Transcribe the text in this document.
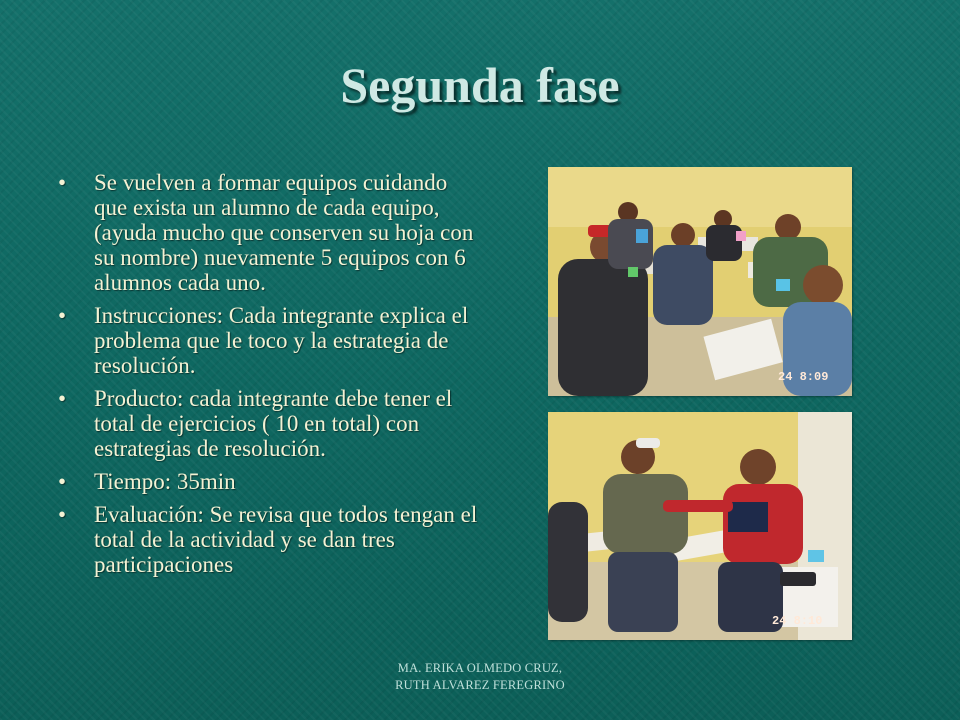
Segunda fase
• Se vuelven a formar equipos cuidando que exista un alumno de cada equipo, (ayuda mucho que conserven su hoja con su nombre) nuevamente 5 equipos con 6 alumnos cada uno.
• Instrucciones: Cada integrante explica el problema que le toco y la estrategia de resolución.
• Producto: cada integrante debe tener el total de ejercicios ( 10 en total) con estrategias de resolución.
• Tiempo: 35min
• Evaluación: Se revisa que todos tengan el total de la actividad y se dan tres participaciones
24 8:09
24 8:10
MA. ERIKA OLMEDO CRUZ,
RUTH ALVAREZ FEREGRINO
